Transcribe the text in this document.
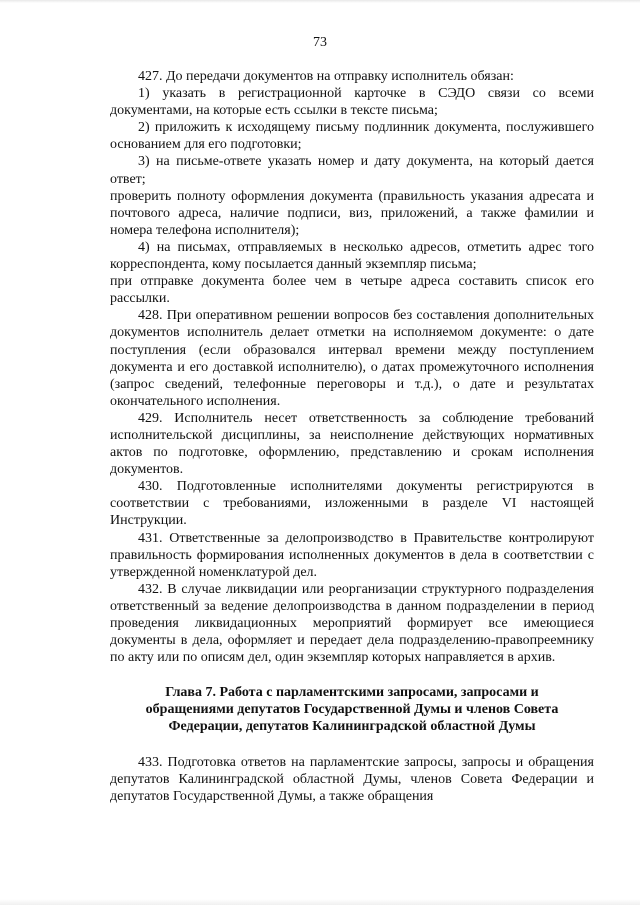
73

427. До передачи документов на отправку исполнитель обязан:

1) указать в регистрационной карточке в СЭДО связи со всеми документами, на которые есть ссылки в тексте письма;

2) приложить к исходящему письму подлинник документа, послужившего основанием для его подготовки;

3) на письме-ответе указать номер и дату документа, на который дается ответ;

проверить полноту оформления документа (правильность указания адресата и почтового адреса, наличие подписи, виз, приложений, а также фамилии и номера телефона исполнителя);

4) на письмах, отправляемых в несколько адресов, отметить адрес того корреспондента, кому посылается данный экземпляр письма;

при отправке документа более чем в четыре адреса составить список его рассылки.

428. При оперативном решении вопросов без составления дополнительных документов исполнитель делает отметки на исполняемом документе: о дате поступления (если образовался интервал времени между поступлением документа и его доставкой исполнителю), о датах промежуточного исполнения (запрос сведений, телефонные переговоры и т.д.), о дате и результатах окончательного исполнения.

429. Исполнитель несет ответственность за соблюдение требований исполнительской дисциплины, за неисполнение действующих нормативных актов по подготовке, оформлению, представлению и срокам исполнения документов.

430. Подготовленные исполнителями документы регистрируются в соответствии с требованиями, изложенными в разделе VI настоящей Инструкции.

431. Ответственные за делопроизводство в Правительстве контролируют правильность формирования исполненных документов в дела в соответствии с утвержденной номенклатурой дел.

432. В случае ликвидации или реорганизации структурного подразделения ответственный за ведение делопроизводства в данном подразделении в период проведения ликвидационных мероприятий формирует все имеющиеся документы в дела, оформляет и передает дела подразделению-правопреемнику по акту или по описям дел, один экземпляр которых направляется в архив.

Глава 7. Работа с парламентскими запросами, запросами и обращениями депутатов Государственной Думы и членов Совета Федерации, депутатов Калининградской областной Думы

433. Подготовка ответов на парламентские запросы, запросы и обращения депутатов Калининградской областной Думы, членов Совета Федерации и депутатов Государственной Думы, а также обращения
